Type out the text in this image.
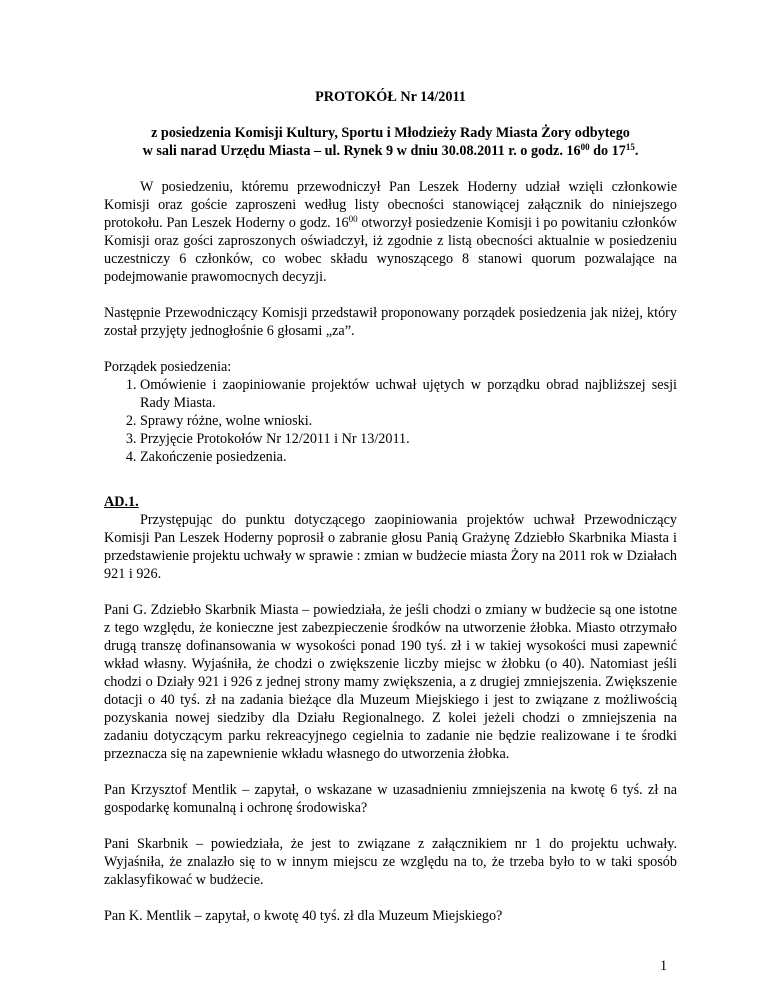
PROTOKÓŁ Nr 14/2011
z posiedzenia Komisji Kultury, Sportu i Młodzieży Rady Miasta Żory odbytego
w sali narad Urzędu Miasta – ul. Rynek 9 w dniu 30.08.2011 r. o godz. $16^{00}$ do $17^{15}$.

W posiedzeniu, któremu przewodniczył Pan Leszek Hoderny udział wzięli członkowie Komisji oraz goście zaproszeni według listy obecności stanowiącej załącznik do niniejszego protokołu. Pan Leszek Hoderny o godz. $16^{00}$ otworzył posiedzenie Komisji i po powitaniu członków Komisji oraz gości zaproszonych oświadczył, iż zgodnie z listą obecności aktualnie w posiedzeniu uczestniczy 6 członków, co wobec składu wynoszącego 8 stanowi quorum pozwalające na podejmowanie prawomocnych decyzji.

Następnie Przewodniczący Komisji przedstawił proponowany porządek posiedzenia jak niżej, który został przyjęty jednogłośnie 6 głosami „za”.

Porządek posiedzenia:
1. Omówienie i zaopiniowanie projektów uchwał ujętych w porządku obrad najbliższej sesji Rady Miasta.
2. Sprawy różne, wolne wnioski.
3. Przyjęcie Protokołów Nr 12/2011 i Nr 13/2011.
4. Zakończenie posiedzenia.
AD.1.

Przystępując do punktu dotyczącego zaopiniowania projektów uchwał Przewodniczący Komisji Pan Leszek Hoderny poprosił o zabranie głosu Panią Grażynę Zdziebło Skarbnika Miasta i przedstawienie projektu uchwały w sprawie : zmian w budżecie miasta Żory na 2011 rok w Działach 921 i 926.

Pani G. Zdziebło Skarbnik Miasta – powiedziała, że jeśli chodzi o zmiany w budżecie są one istotne z tego względu, że konieczne jest zabezpieczenie środków na utworzenie żłobka. Miasto otrzymało drugą transzę dofinansowania w wysokości ponad 190 tyś. zł i w takiej wysokości musi zapewnić wkład własny. Wyjaśniła, że chodzi o zwiększenie liczby miejsc w żłobku (o 40). Natomiast jeśli chodzi o Działy 921 i 926 z jednej strony mamy zwiększenia, a z drugiej zmniejszenia. Zwiększenie dotacji o 40 tyś. zł na zadania bieżące dla Muzeum Miejskiego i jest to związane z możliwością pozyskania nowej siedziby dla Działu Regionalnego. Z kolei jeżeli chodzi o zmniejszenia na zadaniu dotyczącym parku rekreacyjnego cegielnia to zadanie nie będzie realizowane i te środki przeznacza się na zapewnienie wkładu własnego do utworzenia żłobka.

Pan Krzysztof Mentlik – zapytał, o wskazane w uzasadnieniu zmniejszenia na kwotę 6 tyś. zł na gospodarkę komunalną i ochronę środowiska?

Pani Skarbnik – powiedziała, że jest to związane z załącznikiem nr 1 do projektu uchwały. Wyjaśniła, że znalazło się to w innym miejscu ze względu na to, że trzeba było to w taki sposób zaklasyfikować w budżecie.

Pan K. Mentlik – zapytał, o kwotę 40 tyś. zł dla Muzeum Miejskiego?

1
